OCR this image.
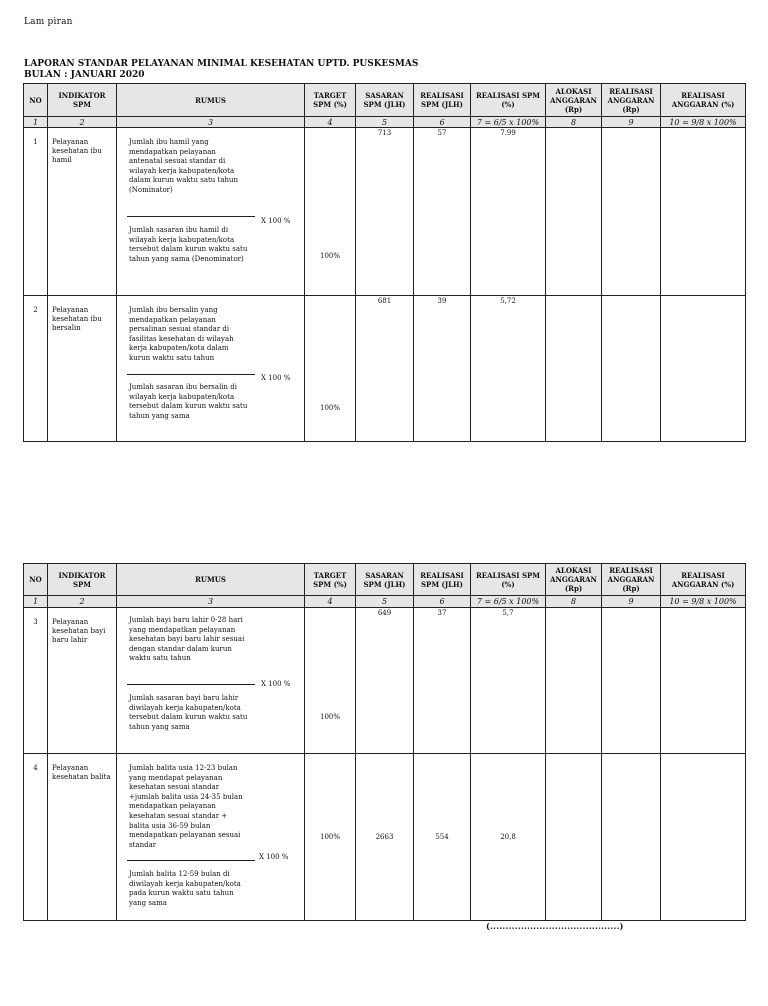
Lam piran
LAPORAN STANDAR PELAYANAN MINIMAL KESEHATAN UPTD. PUSKESMAS
BULAN : JANUARI 2020
NO	INDIKATOR SPM	RUMUS	TARGET SPM (%)	SASARAN SPM (JLH)	REALISASI SPM (JLH)	REALISASI SPM (%)	ALOKASI ANGGARAN (Rp)	REALISASI ANGGARAN (Rp)	REALISASI ANGGARAN (%)
1	2	3	4	5	6	7 = 6/5 x 100%	8	9	10 = 9/8 x 100%
1	Pelayanan kesehatan ibu hamil	Jumlah ibu hamil yang mendapatkan pelayanan antenatal sesuai standar di wilayah kerja kabupaten/kota dalam kurun waktu satu tahun (Nominator)
X 100 %
Jumlah sasaran ibu hamil di wilayah kerja kabupaten/kota tersebut dalam kurun waktu satu tahun yang sama (Denominator)	100%	713	57	7.99			
2	Pelayanan kesehatan ibu bersalin	Jumlah ibu bersalin yang mendapatkan pelayanan persalinan sesuai standar di fasilitas kesehatan di wilayah kerja kabupaten/kota dalam kurun waktu satu tahun
X 100 %
Jumlah sasaran ibu bersalin di wilayah kerja kabupaten/kota tersebut dalam kurun waktu satu tahun yang sama	100%	681	39	5,72			
NO	INDIKATOR SPM	RUMUS	TARGET SPM (%)	SASARAN SPM (JLH)	REALISASI SPM (JLH)	REALISASI SPM (%)	ALOKASI ANGGARAN (Rp)	REALISASI ANGGARAN (Rp)	REALISASI ANGGARAN (%)
1	2	3	4	5	6	7 = 6/5 x 100%	8	9	10 = 9/8 x 100%
3	Pelayanan kesehatan bayi baru lahir	Jumlah bayi baru lahir 0-28 hari yang mendapatkan pelayanan kesehatan bayi baru lahir sesuai dengan standar dalam kurun waktu satu tahun
X 100 %
Jumlah sasaran bayi baru lahir diwilayah kerja kabupaten/kota tersebut dalam kurun waktu satu tahun yang sama	100%	649	37	5,7			
4	Pelayanan kesehatan balita	Jumlah balita usia 12-23 bulan yang mendapat pelayanan kesehatan sesuai standar +jumlah balita usia 24-35 bulan mendapatkan pelayanan kesehatan sesuai standar + balita usia 36-59 bulan mendapatkan pelayanan sesuai standar
X 100 %
Jumlah balita 12-59 bulan di diwilayah kerja kabupaten/kota pada kurun waktu satu tahun yang sama	100%	2663	554	20,8			
(..........................................)
